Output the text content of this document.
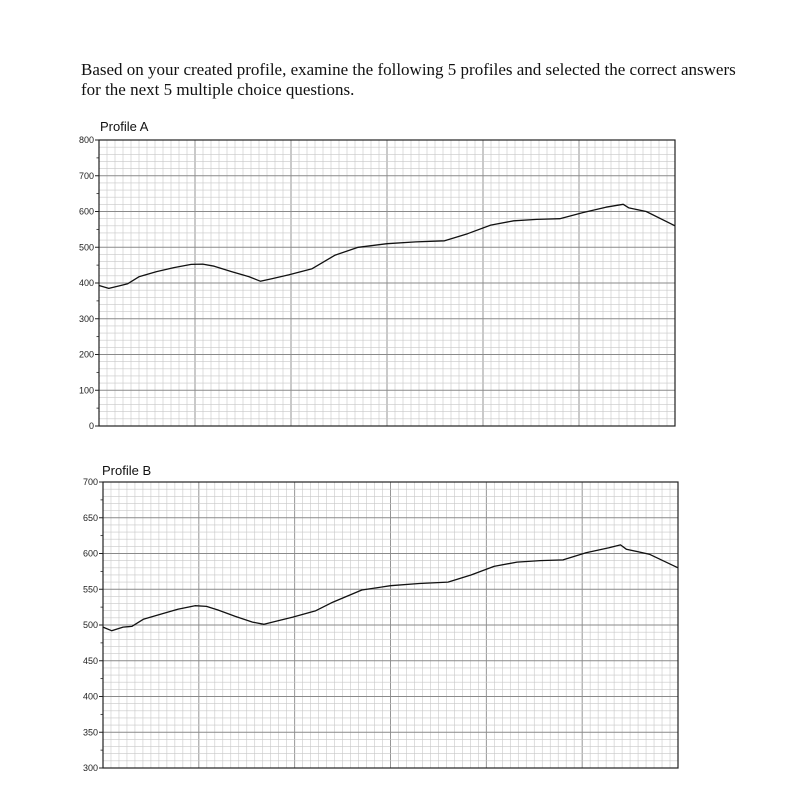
Based on your created profile, examine the following 5 profiles and selected the correct answers for the next 5 multiple choice questions.
0
100
200
300
400
500
600
700
800
Profile A
300
350
400
450
500
550
600
650
700
Profile B
